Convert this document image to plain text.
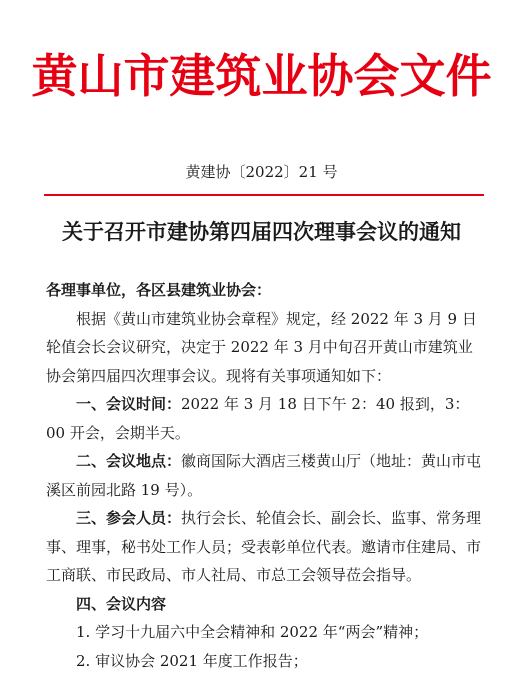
黄山市建筑业协会文件
黄建协〔2022〕21 号
关于召开市建协第四届四次理事会议的通知

各理事单位，各区县建筑业协会：

根据《黄山市建筑业协会章程》规定，经 2022 年 3 月 9 日轮值会长会议研究，决定于 2022 年 3 月中旬召开黄山市建筑业协会第四届四次理事会议。现将有关事项通知如下：

一、会议时间：2022 年 3 月 18 日下午 2：40 报到，3：00 开会，会期半天。

二、会议地点：徽商国际大酒店三楼黄山厅（地址：黄山市屯溪区前园北路 19 号）。

三、参会人员：执行会长、轮值会长、副会长、监事、常务理事、理事，秘书处工作人员；受表彰单位代表。邀请市住建局、市工商联、市民政局、市人社局、市总工会领导莅会指导。

四、会议内容

1. 学习十九届六中全会精神和 2022 年“两会”精神；

2. 审议协会 2021 年度工作报告；
